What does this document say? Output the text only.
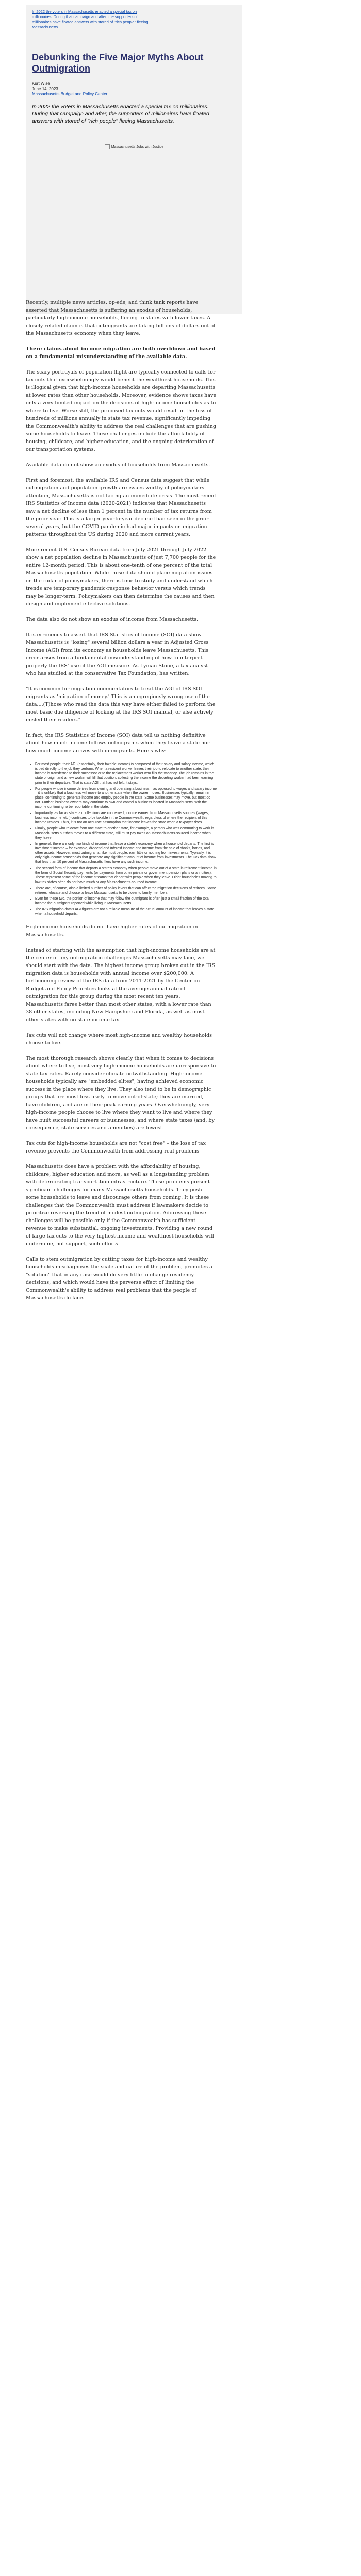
In 2022 the voters in Massachusetts enacted a special tax on millionaires. During that campaign and after, the supporters of millionaires have floated answers with stored of "rich people" fleeing Massachusetts.
Debunking the Five Major Myths About Outmigration
Kurt Wise
June 14, 2023
Massachusetts Budget and Policy Center
In 2022 the voters in Massachusetts enacted a special tax on millionaires. During that campaign and after, the supporters of millionaires have floated answers with stored of "rich people" fleeing Massachusetts.
Massachusetts Jobs with Justice

Recently, multiple news articles, op-eds, and think tank reports have asserted that Massachusetts is suffering an exodus of households, particularly high-income households, fleeing to states with lower taxes. A closely related claim is that outmigrants are taking billions of dollars out of the Massachusetts economy when they leave.

There claims about income migration are both overblown and based on a fundamental misunderstanding of the available data.

The scary portrayals of population flight are typically connected to calls for tax cuts that overwhelmingly would benefit the wealthiest households. This is illogical given that high-income households are departing Massachusetts at lower rates than other households. Moreover, evidence shows taxes have only a very limited impact on the decisions of high-income households as to where to live. Worse still, the proposed tax cuts would result in the loss of hundreds of millions annually in state tax revenue, significantly impeding the Commonwealth's ability to address the real challenges that are pushing some households to leave. These challenges include the affordability of housing, childcare, and higher education, and the ongoing deterioration of our transportation systems.

Available data do not show an exodus of households from Massachusetts.

First and foremost, the available IRS and Census data suggest that while outmigration and population growth are issues worthy of policymakers' attention, Massachusetts is not facing an immediate crisis. The most recent IRS Statistics of Income data (2020-2021) indicates that Massachusetts saw a net decline of less than 1 percent in the number of tax returns from the prior year. This is a larger year-to-year decline than seen in the prior several years, but the COVID pandemic had major impacts on migration patterns throughout the US during 2020 and more current years.

More recent U.S. Census Bureau data from July 2021 through July 2022 show a net population decline in Massachusetts of just 7,700 people for the entire 12-month period. This is about one-tenth of one percent of the total Massachusetts population. While these data should place migration issues on the radar of policymakers, there is time to study and understand which trends are temporary pandemic-response behavior versus which trends may be longer-term. Policymakers can then determine the causes and then design and implement effective solutions.

The data also do not show an exodus of income from Massachusetts.

It is erroneous to assert that IRS Statistics of Income (SOI) data show Massachusetts is "losing" several billion dollars a year in Adjusted Gross Income (AGI) from its economy as households leave Massachusetts. This error arises from a fundamental misunderstanding of how to interpret properly the IRS' use of the AGI measure. As Lyman Stone, a tax analyst who has studied at the conservative Tax Foundation, has written:

"It is common for migration commentators to treat the AGI of IRS SOI migrants as 'migration of money.' This is an egregiously wrong use of the data....(T)hose who read the data this way have either failed to perform the most basic due diligence of looking at the IRS SOI manual, or else actively misled their readers."

In fact, the IRS Statistics of Income (SOI) data tell us nothing definitive about how much income follows outmigrants when they leave a state nor how much income arrives with in-migrants. Here's why:

• For most people, their AGI (essentially, their taxable income) is composed of their salary and salary income, which is tied directly to the job they perform. When a resident worker leaves their job to relocate to another state, their income is transferred to their successor or to the replacement worker who fills the vacancy. The job remains in the state of origin and a new worker will fill that position, collecting the income the departing worker had been earning prior to their departure. That is state AGI that has not left, it stays.
• For people whose income derives from owning and operating a business – as opposed to wages and salary income – it is unlikely that a business will move to another state when the owner moves. Businesses typically remain in place, continuing to generate income and employ people in the state. Some businesses may move, but most do not. Further, business owners may continue to own and control a business located in Massachusetts, with the income continuing to be reportable in the state.
• Importantly, as far as state tax collections are concerned, income earned from Massachusetts sources (wages, business income, etc.) continues to be taxable in the Commonwealth, regardless of where the recipient of this income resides. Thus, it is not an accurate assumption that income leaves the state when a taxpayer does.
• Finally, people who relocate from one state to another state, for example, a person who was commuting to work in Massachusetts but then moves to a different state, still must pay taxes on Massachusetts-sourced income when they leave.
• In general, there are only two kinds of income that leave a state's economy when a household departs: The first is investment income – for example, dividend and interest income and income from the sale of stocks, bonds, and other assets. However, most outmigrants, like most people, earn little or nothing from investments. Typically, it is only high-income households that generate any significant amount of income from investments. The IRS data show that less than 10 percent of Massachusetts filers have any such income.
• The second form of income that departs a state's economy when people move out of a state is retirement income in the form of Social Security payments (or payments from other private or government pension plans or annuities). These represent some of the income streams that depart with people when they leave. Older households moving to low-tax states often do not have much or any Massachusetts-sourced income.
• There are, of course, also a limited number of policy levers that can affect the migration decisions of retirees. Some retirees relocate and choose to leave Massachusetts to be closer to family members.
• Even for these two, the portion of income that may follow the outmigrant is often just a small fraction of the total income the outmigrant reported while living in Massachusetts.
• The IRS migration data's AGI figures are not a reliable measure of the actual amount of income that leaves a state when a household departs.

High-income households do not have higher rates of outmigration in Massachusetts.

Instead of starting with the assumption that high-income households are at the center of any outmigration challenges Massachusetts may face, we should start with the data. The highest income group broken out in the IRS migration data is households with annual income over $200,000. A forthcoming review of the IRS data from 2011-2021 by the Center on Budget and Policy Priorities looks at the average annual rate of outmigration for this group during the most recent ten years. Massachusetts fares better than most other states, with a lower rate than 38 other states, including New Hampshire and Florida, as well as most other states with no state income tax.

Tax cuts will not change where most high-income and wealthy households choose to live.

The most thorough research shows clearly that when it comes to decisions about where to live, most very high-income households are unresponsive to state tax rates. Rarely consider climate notwithstanding. High-income households typically are "embedded elites", having achieved economic success in the place where they live. They also tend to be in demographic groups that are most less likely to move out-of-state; they are married, have children, and are in their peak earning years. Overwhelmingly, very high-income people choose to live where they want to live and where they have built successful careers or businesses, and where state taxes (and, by consequence, state services and amenities) are lowest.

Tax cuts for high-income households are not "cost free" – the loss of tax revenue prevents the Commonwealth from addressing real problems

Massachusetts does have a problem with the affordability of housing, childcare, higher education and more, as well as a longstanding problem with deteriorating transportation infrastructure. These problems present significant challenges for many Massachusetts households. They push some households to leave and discourage others from coming. It is these challenges that the Commonwealth must address if lawmakers decide to prioritize reversing the trend of modest outmigration. Addressing these challenges will be possible only if the Commonwealth has sufficient revenue to make substantial, ongoing investments. Providing a new round of large tax cuts to the very highest-income and wealthiest households will undermine, not support, such efforts.

Calls to stem outmigration by cutting taxes for high-income and wealthy households misdiagnoses the scale and nature of the problem, promotes a "solution" that in any case would do very little to change residency decisions, and which would have the perverse effect of limiting the Commonwealth's ability to address real problems that the people of Massachusetts do face.
